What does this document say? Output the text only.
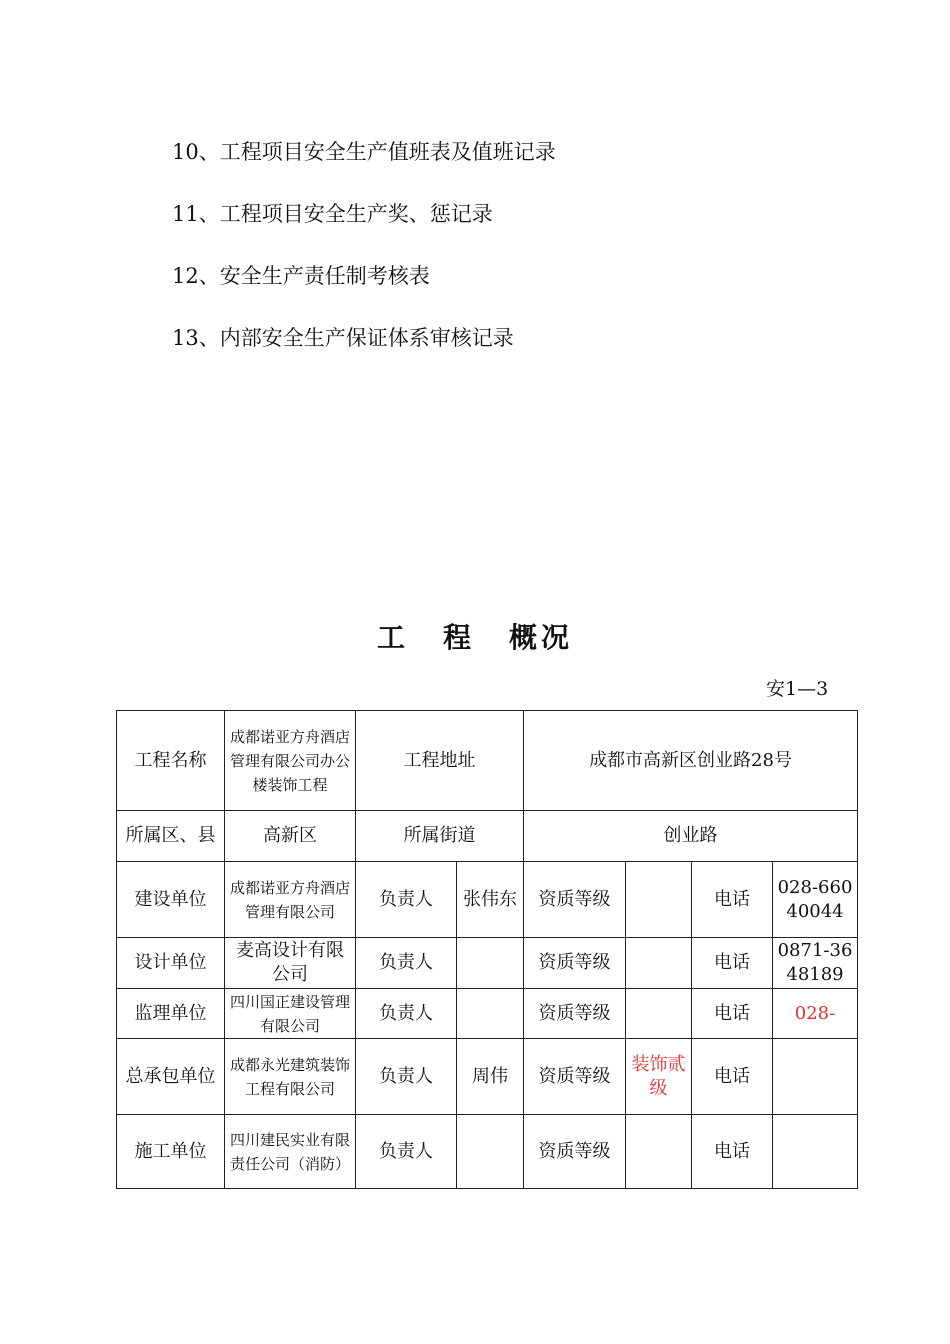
10、工程项目安全生产值班表及值班记录
11、工程项目安全生产奖、惩记录
12、安全生产责任制考核表
13、内部安全生产保证体系审核记录
工 程 概况
安1—3
工程名称	成都诺亚方舟酒店管理有限公司办公楼装饰工程	工程地址		成都市高新区创业路28号			
所属区、县	高新区	所属街道		创业路			
建设单位	成都诺亚方舟酒店管理有限公司	负责人	张伟东	资质等级		电话	028-66040044
设计单位	麦高设计有限公司	负责人		资质等级		电话	0871-3648189
监理单位	四川国正建设管理有限公司	负责人		资质等级		电话	028-
总承包单位	成都永光建筑装饰工程有限公司	负责人	周伟	资质等级	装饰贰级	电话	
施工单位	四川建民实业有限责任公司（消防）	负责人		资质等级		电话	
